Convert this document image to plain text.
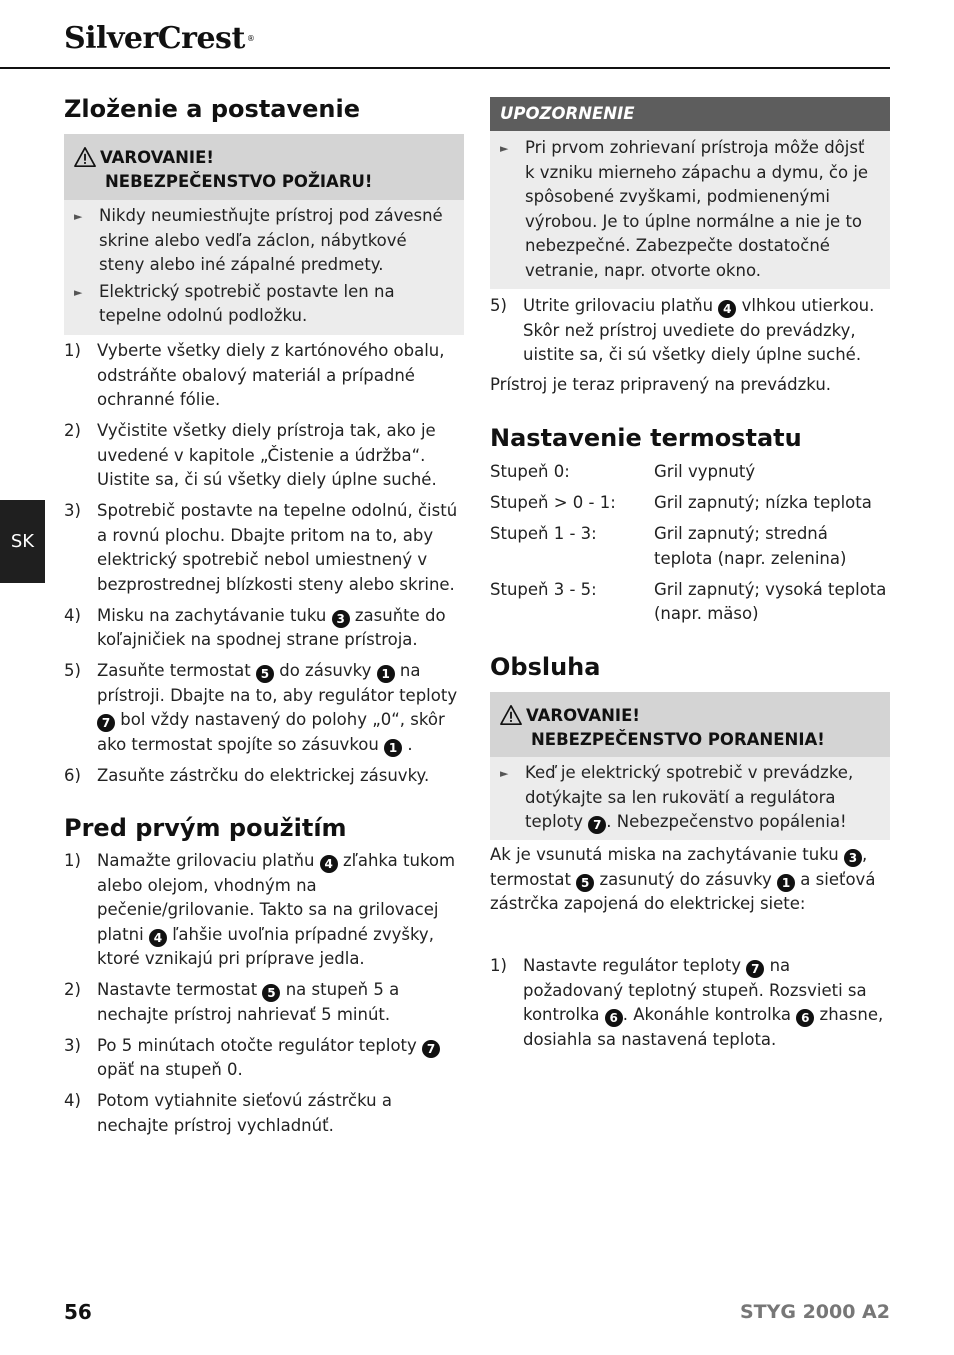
SilverCrest ®
SK
Zloženie a postavenie
VAROVANIE!
NEBEZPEČENSTVO POŽIARU!
►	Nikdy neumiestňujte prístroj pod závesné skrine alebo vedľa záclon, nábytkové steny alebo iné zápalné predmety.
►	Elektrický spotrebič postavte len na tepelne odolnú podložku.
1) Vyberte všetky diely z kartónového obalu, odstráňte obalový materiál a prípadné ochranné fólie.
2) Vyčistite všetky diely prístroja tak, ako je uvedené v kapitole „Čistenie a údržba“. Uistite sa, či sú všetky diely úplne suché.
3) Spotrebič postavte na tepelne odolnú, čistú a rovnú plochu. Dbajte pritom na to, aby elektrický spotrebič nebol umiestnený v bezprostrednej blízkosti steny alebo skrine.
4) Misku na zachytávanie tuku 3 zasuňte do koľajničiek na spodnej strane prístroja.
5) Zasuňte termostat 5 do zásuvky 1 na prístroji. Dbajte na to, aby regulátor teploty 7 bol vždy nastavený do polohy „0“, skôr ako termostat spojíte so zásuvkou 1 .
6) Zasuňte zástrčku do elektrickej zásuvky.
Pred prvým použitím
1) Namažte grilovaciu platňu 4 zľahka tukom alebo olejom, vhodným na pečenie/grilovanie. Takto sa na grilovacej platni 4 ľahšie uvoľnia prípadné zvyšky, ktoré vznikajú pri príprave jedla.
2) Nastavte termostat 5 na stupeň 5 a nechajte prístroj nahrievať 5 minút.
3) Po 5 minútach otočte regulátor teploty 7 opäť na stupeň 0.
4) Potom vytiahnite sieťovú zástrčku a nechajte prístroj vychladnúť.
UPOZORNENIE
►	Pri prvom zohrievaní prístroja môže dôjsť k vzniku mierneho zápachu a dymu, čo je spôsobené zvyškami, podmienenými výrobou. Je to úplne normálne a nie je to nebezpečné. Zabezpečte dostatočné vetranie, napr. otvorte okno.
5) Utrite grilovaciu platňu 4 vlhkou utierkou. Skôr než prístroj uvediete do prevádzky, uistite sa, či sú všetky diely úplne suché.
Prístroj je teraz pripravený na prevádzku.
Nastavenie termostatu
Stupeň 0:	Gril vypnutý
Stupeň > 0 - 1:	Gril zapnutý; nízka teplota
Stupeň 1 - 3:	Gril zapnutý; stredná teplota (napr. zelenina)
Stupeň 3 - 5:	Gril zapnutý; vysoká teplota (napr. mäso)
Obsluha
VAROVANIE!
NEBEZPEČENSTVO PORANENIA!
►	Keď je elektrický spotrebič v prevádzke, dotýkajte sa len rukovätí a regulátora teploty 7 . Nebezpečenstvo popálenia!
Ak je vsunutá miska na zachytávanie tuku 3 , termostat 5 zasunutý do zásuvky 1 a sieťová zástrčka zapojená do elektrickej siete:
1) Nastavte regulátor teploty 7 na požadovaný teplotný stupeň. Rozsvieti sa kontrolka 6 . Akonáhle kontrolka 6 zhasne, dosiahla sa nastavená teplota.
56	STYG 2000 A2
